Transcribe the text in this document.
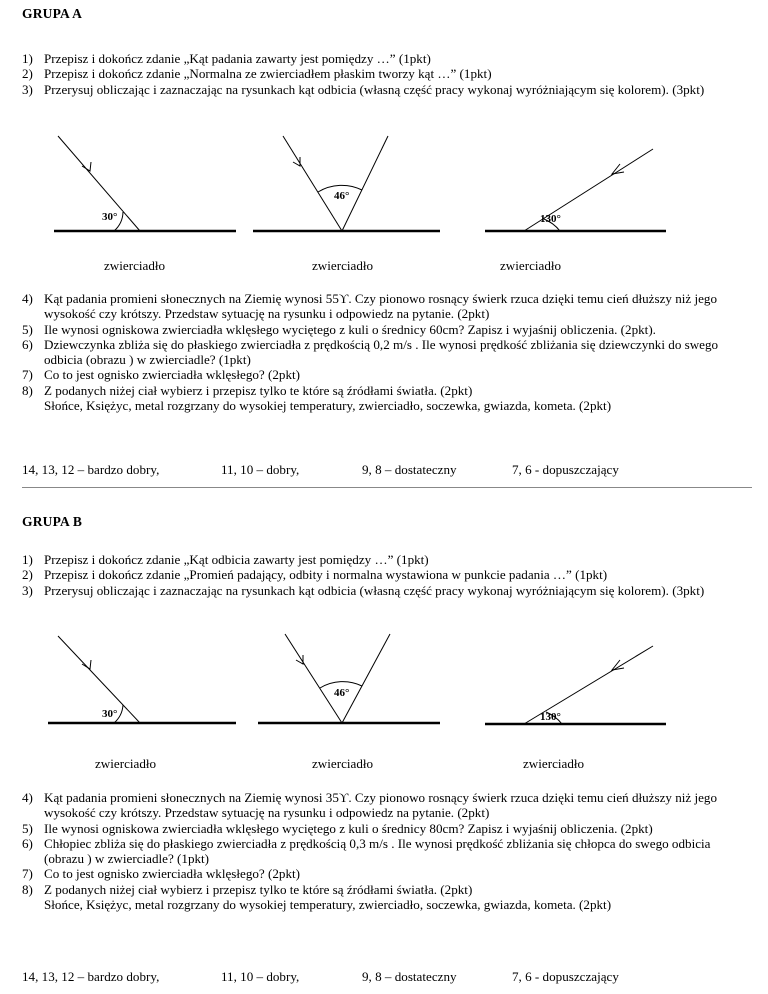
GRUPA A
1) Przepisz i dokończ zdanie „Kąt padania zawarty jest pomiędzy …” (1pkt)
2) Przepisz i dokończ zdanie „Normalna ze zwierciadłem płaskim tworzy kąt …” (1pkt)
3) Przerysuj obliczając i zaznaczając na rysunkach kąt odbicia (własną część pracy wykonaj wyróżniającym się kolorem). (3pkt)
30°
46°
130°
zwierciadło	zwierciadło	zwierciadło
4) Kąt padania promieni słonecznych na Ziemię wynosi 55ϒ. Czy pionowo rosnący świerk rzuca dzięki temu cień dłuższy niż jego wysokość czy krótszy. Przedstaw sytuację na rysunku i odpowiedz na pytanie. (2pkt)
5) Ile wynosi ogniskowa zwierciadła wklęsłego wyciętego z kuli o średnicy 60cm? Zapisz i wyjaśnij obliczenia. (2pkt).
6) Dziewczynka zbliża się do płaskiego zwierciadła z prędkością 0,2 m/s . Ile wynosi prędkość zbliżania się dziewczynki do swego odbicia (obrazu ) w zwierciadle? (1pkt)
7) Co to jest ognisko zwierciadła wklęsłego? (2pkt)
8) Z podanych niżej ciał wybierz i przepisz tylko te które są źródłami światła. (2pkt)
Słońce, Księżyc, metal rozgrzany do wysokiej temperatury, zwierciadło, soczewka, gwiazda, kometa. (2pkt)
14, 13, 12 – bardzo dobry,	11, 10 – dobry,	9, 8 – dostateczny	7, 6 - dopuszczający
GRUPA B
1) Przepisz i dokończ zdanie „Kąt odbicia zawarty jest pomiędzy …” (1pkt)
2) Przepisz i dokończ zdanie „Promień padający, odbity i normalna wystawiona w punkcie padania …” (1pkt)
3) Przerysuj obliczając i zaznaczając na rysunkach kąt odbicia (własną część pracy wykonaj wyróżniającym się kolorem). (3pkt)
30°
46°
130°
zwierciadło	zwierciadło	zwierciadło
4) Kąt padania promieni słonecznych na Ziemię wynosi 35ϒ. Czy pionowo rosnący świerk rzuca dzięki temu cień dłuższy niż jego wysokość czy krótszy. Przedstaw sytuację na rysunku i odpowiedz na pytanie. (2pkt)
5) Ile wynosi ogniskowa zwierciadła wklęsłego wyciętego z kuli o średnicy 80cm? Zapisz i wyjaśnij obliczenia. (2pkt)
6) Chłopiec zbliża się do płaskiego zwierciadła z prędkością 0,3 m/s . Ile wynosi prędkość zbliżania się chłopca do swego odbicia (obrazu ) w zwierciadle? (1pkt)
7) Co to jest ognisko zwierciadła wklęsłego? (2pkt)
8) Z podanych niżej ciał wybierz i przepisz tylko te które są źródłami światła. (2pkt)
Słońce, Księżyc, metal rozgrzany do wysokiej temperatury, zwierciadło, soczewka, gwiazda, kometa. (2pkt)
14, 13, 12 – bardzo dobry,	11, 10 – dobry,	9, 8 – dostateczny	7, 6 - dopuszczający
